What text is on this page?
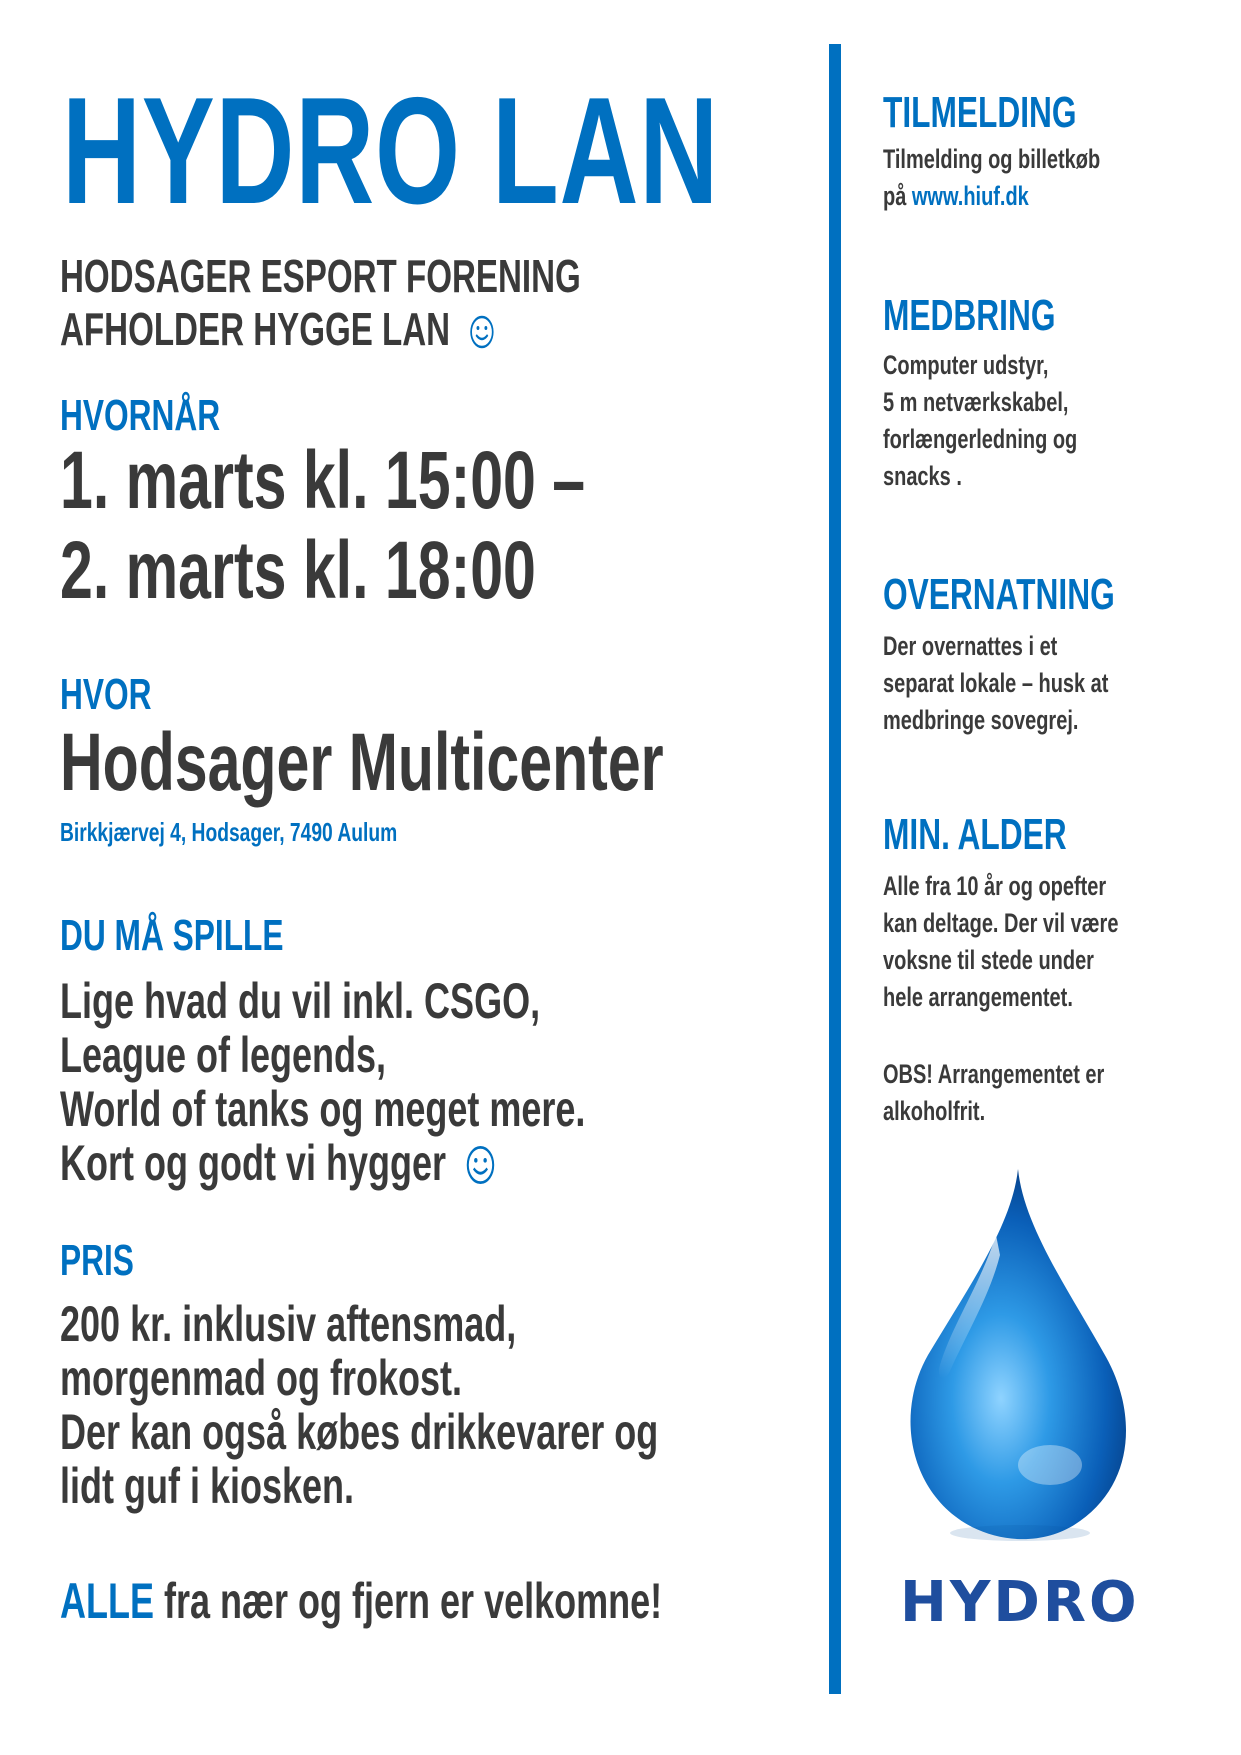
HYDRO LAN
HODSAGER ESPORT FORENING
AFHOLDER HYGGE LAN
HVORNÅR
1. marts kl. 15:00 –
2. marts kl. 18:00
HVOR
Hodsager Multicenter
Birkkjærvej 4, Hodsager, 7490 Aulum
DU MÅ SPILLE
Lige hvad du vil inkl. CSGO,
League of legends,
World of tanks og meget mere.
Kort og godt vi hygger
PRIS
200 kr. inklusiv aftensmad,
morgenmad og frokost.
Der kan også købes drikkevarer og
lidt guf i kiosken.
ALLE fra nær og fjern er velkomne!
TILMELDING
Tilmelding og billetkøb
på www.hiuf.dk
MEDBRING
Computer udstyr,
5 m netværkskabel,
forlængerledning og
snacks .
OVERNATNING
Der overnattes i et
separat lokale – husk at
medbringe sovegrej.
MIN. ALDER
Alle fra 10 år og opefter
kan deltage. Der vil være
voksne til stede under
hele arrangementet.
OBS! Arrangementet er
alkoholfrit.
HYDRO
